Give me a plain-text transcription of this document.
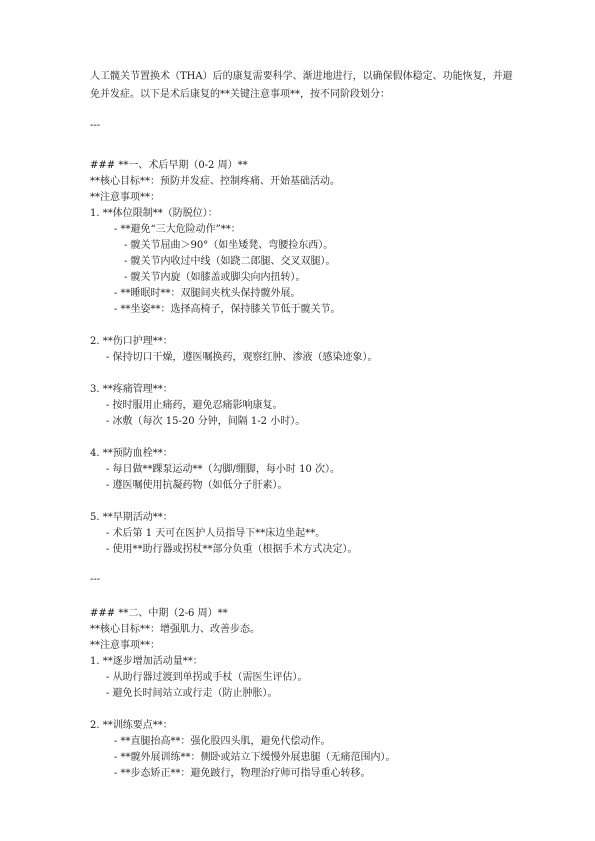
人工髋关节置换术（THA）后的康复需要科学、渐进地进行，以确保假体稳定、功能恢复，并避免并发症。以下是术后康复的**关键注意事项**，按不同阶段划分：

---

### **一、术后早期（0-2 周）**

**核心目标**：预防并发症、控制疼痛、开始基础活动。

**注意事项**：

1. **体位限制**（防脱位）：

- **避免“三大危险动作”**：

- 髋关节屈曲＞90°（如坐矮凳、弯腰捡东西）。

- 髋关节内收过中线（如跷二郎腿、交叉双腿）。

- 髋关节内旋（如膝盖或脚尖向内扭转）。

- **睡眠时**：双腿间夹枕头保持髋外展。

- **坐姿**：选择高椅子，保持膝关节低于髋关节。

2. **伤口护理**：

- 保持切口干燥，遵医嘱换药，观察红肿、渗液（感染迹象）。

3. **疼痛管理**：

- 按时服用止痛药，避免忍痛影响康复。

- 冰敷（每次 15-20 分钟，间隔 1-2 小时）。

4. **预防血栓**：

- 每日做**踝泵运动**（勾脚/绷脚，每小时 10 次）。

- 遵医嘱使用抗凝药物（如低分子肝素）。

5. **早期活动**：

- 术后第 1 天可在医护人员指导下**床边坐起**。

- 使用**助行器或拐杖**部分负重（根据手术方式决定）。

---

### **二、中期（2-6 周）**

**核心目标**：增强肌力、改善步态。

**注意事项**：

1. **逐步增加活动量**：

- 从助行器过渡到单拐或手杖（需医生评估）。

- 避免长时间站立或行走（防止肿胀）。

2. **训练要点**：

- **直腿抬高**：强化股四头肌，避免代偿动作。

- **髋外展训练**：侧卧或站立下缓慢外展患腿（无痛范围内）。

- **步态矫正**：避免跛行，物理治疗师可指导重心转移。
